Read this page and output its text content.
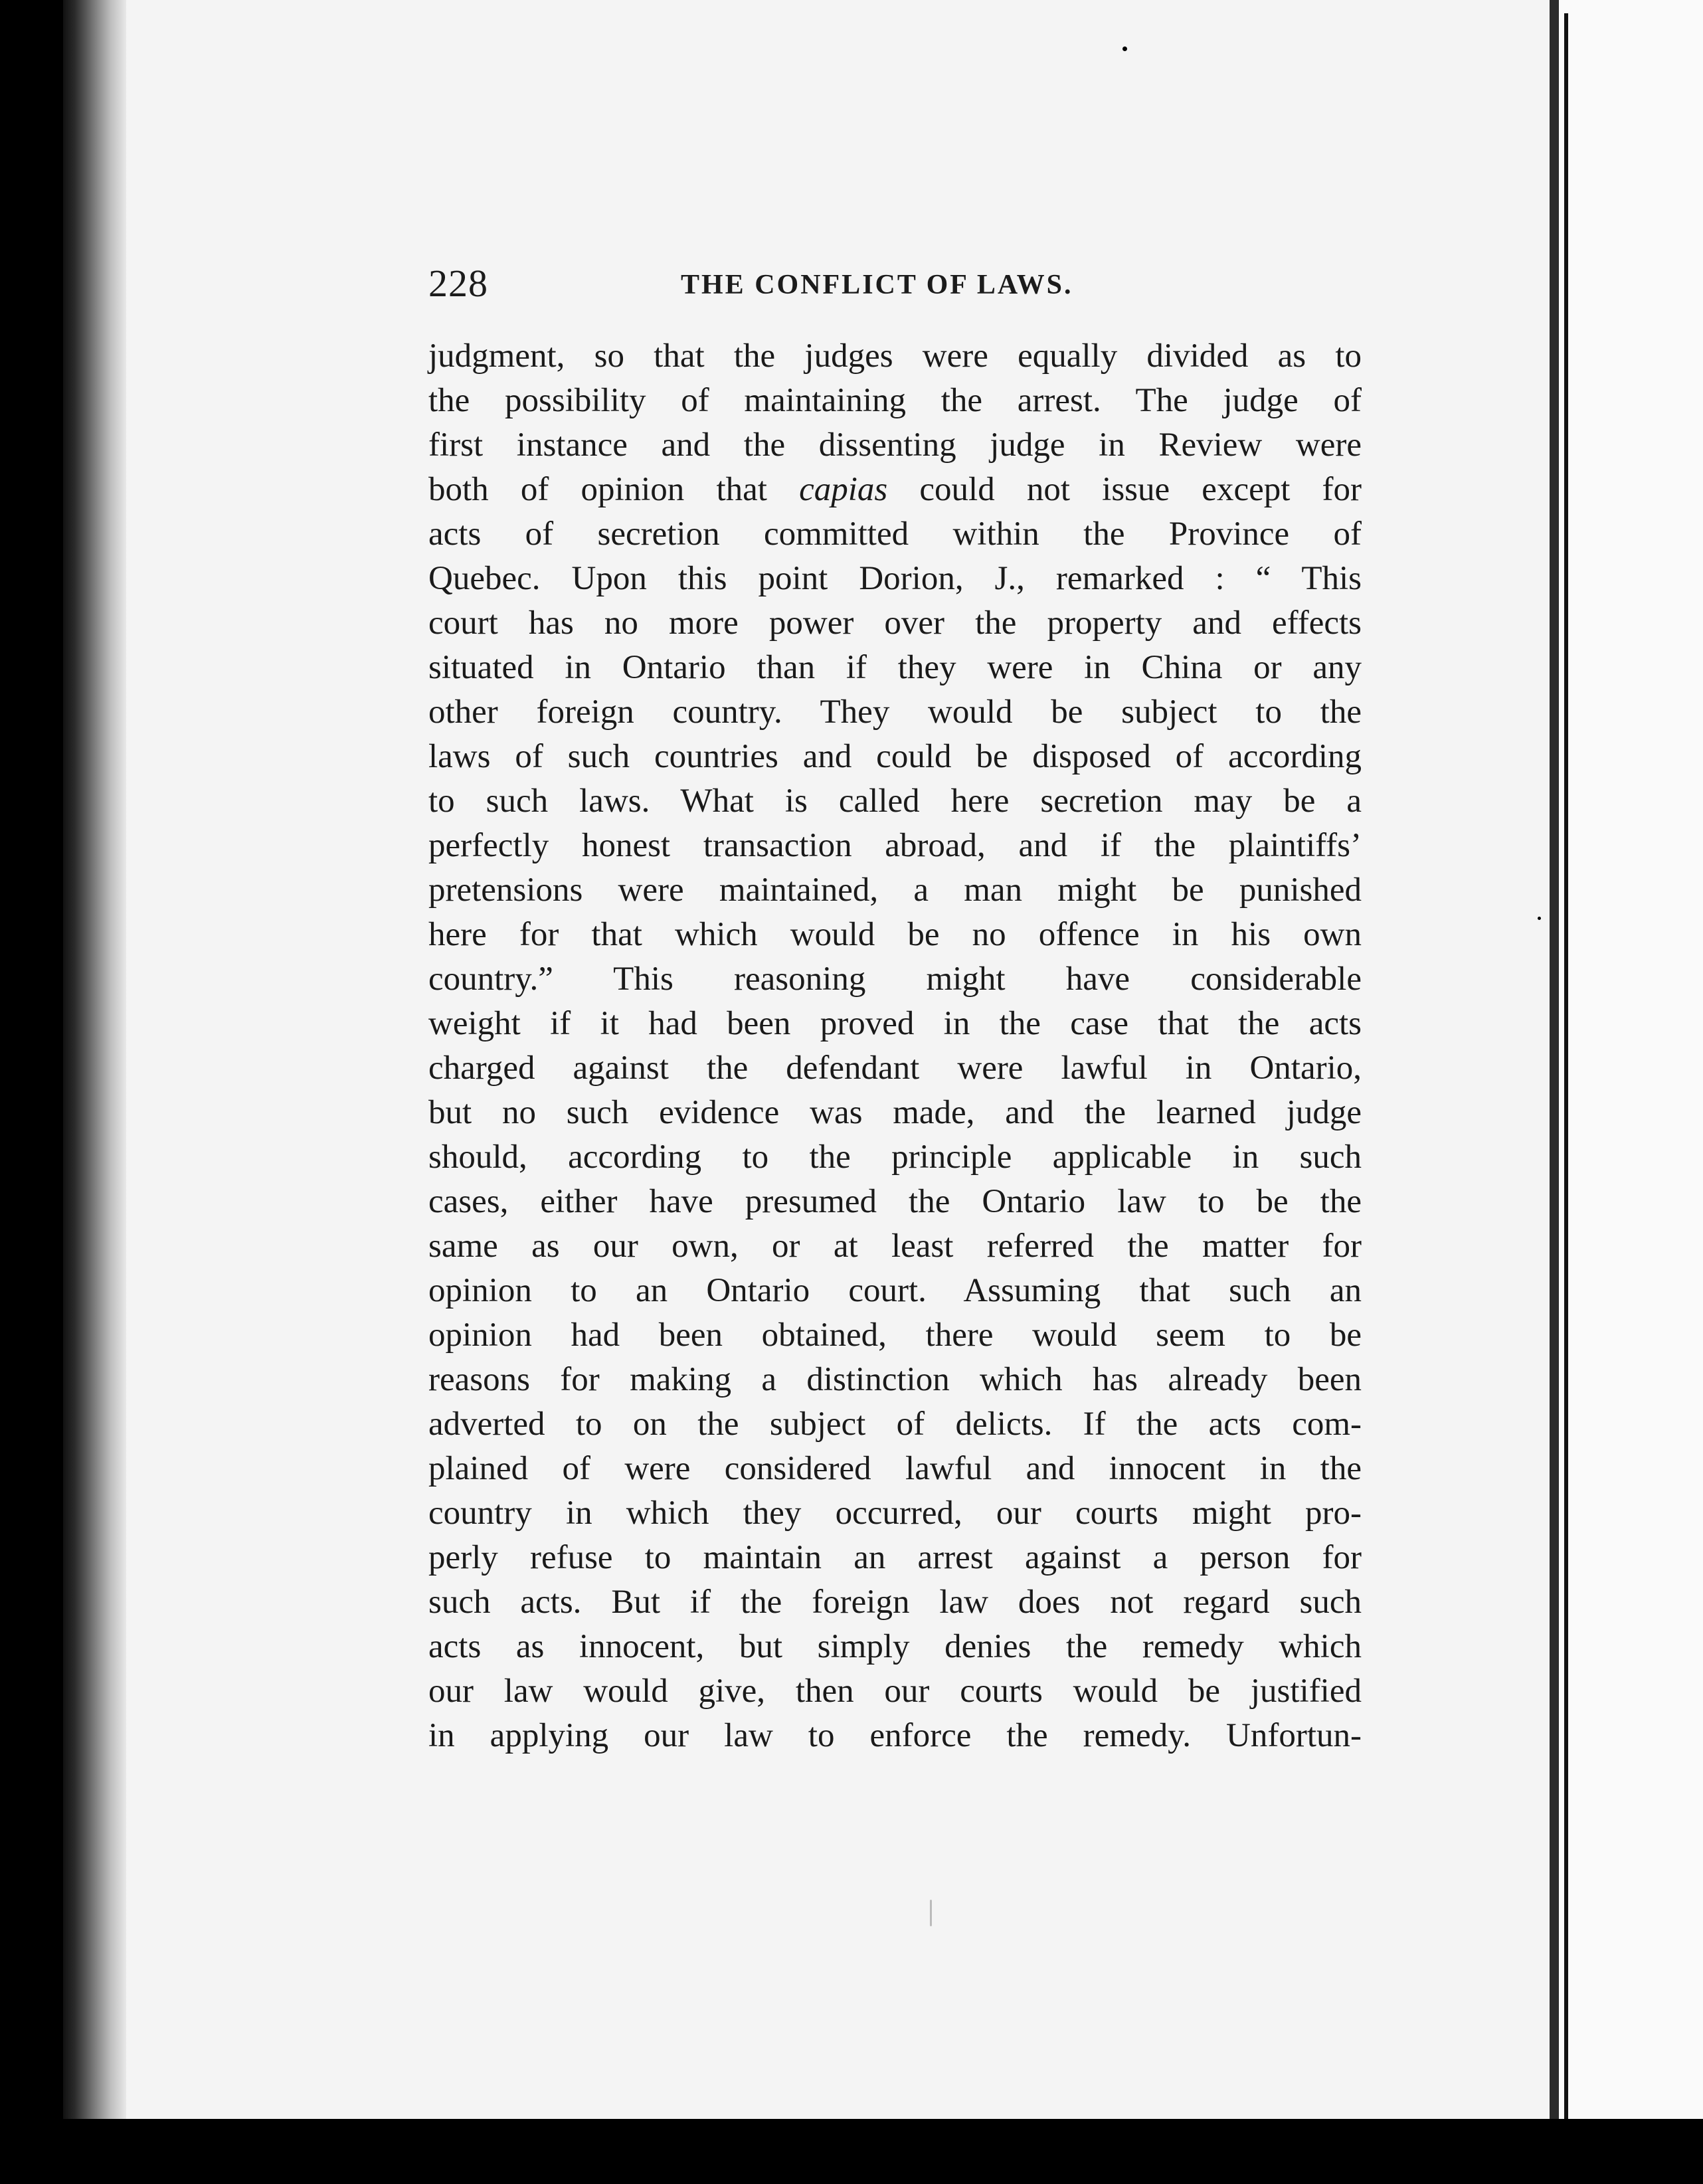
228	THE CONFLICT OF LAWS.
judgment, so that the judges were equally divided as to
the possibility of maintaining the arrest. The judge of
first instance and the dissenting judge in Review were
both of opinion that capias could not issue except for
acts of secretion committed within the Province of
Quebec. Upon this point Dorion, J., remarked : “ This
court has no more power over the property and effects
situated in Ontario than if they were in China or any
other foreign country. They would be subject to the
laws of such countries and could be disposed of according
to such laws. What is called here secretion may be a
perfectly honest transaction abroad, and if the plaintiffs’
pretensions were maintained, a man might be punished
here for that which would be no offence in his own
country.” This reasoning might have considerable
weight if it had been proved in the case that the acts
charged against the defendant were lawful in Ontario,
but no such evidence was made, and the learned judge
should, according to the principle applicable in such
cases, either have presumed the Ontario law to be the
same as our own, or at least referred the matter for
opinion to an Ontario court. Assuming that such an
opinion had been obtained, there would seem to be
reasons for making a distinction which has already been
adverted to on the subject of delicts. If the acts com-
plained of were considered lawful and innocent in the
country in which they occurred, our courts might pro-
perly refuse to maintain an arrest against a person for
such acts. But if the foreign law does not regard such
acts as innocent, but simply denies the remedy which
our law would give, then our courts would be justified
in applying our law to enforce the remedy. Unfortun-
